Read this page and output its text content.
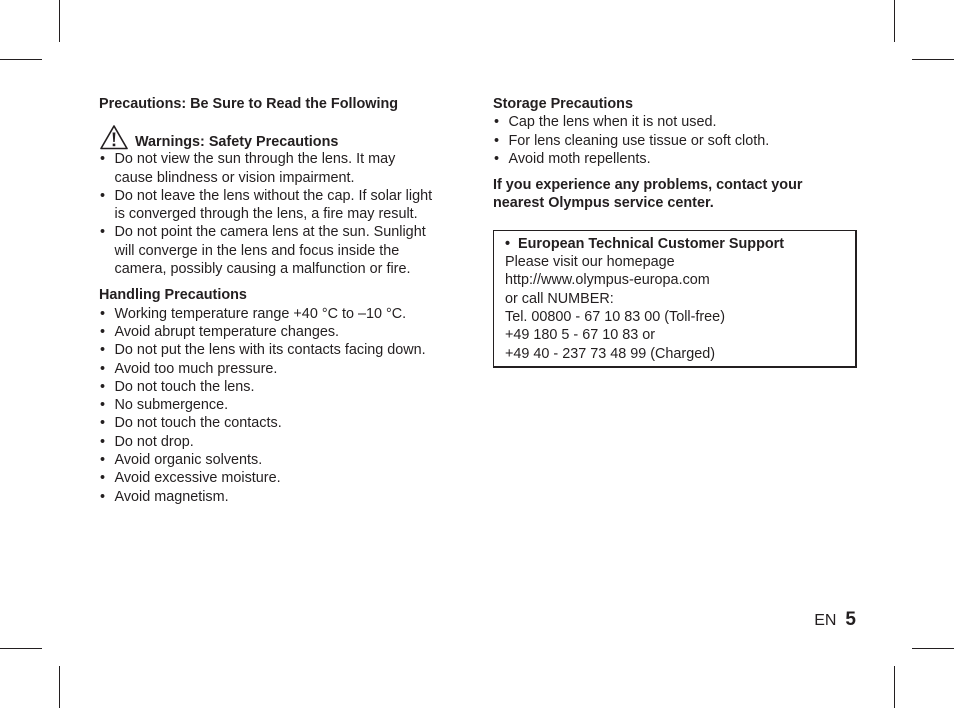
Precautions: Be Sure to Read the Following
Warnings: Safety Precautions
• Do not view the sun through the lens. It may
cause blindness or vision impairment.
• Do not leave the lens without the cap. If solar light
is converged through the lens, a fire may result.
• Do not point the camera lens at the sun. Sunlight
will converge in the lens and focus inside the
camera, possibly causing a malfunction or fire.
Handling Precautions
• Working temperature range +40 °C to –10 °C.
• Avoid abrupt temperature changes.
• Do not put the lens with its contacts facing down.
• Avoid too much pressure.
• Do not touch the lens.
• No submergence.
• Do not touch the contacts.
• Do not drop.
• Avoid organic solvents.
• Avoid excessive moisture.
• Avoid magnetism.
Storage Precautions
• Cap the lens when it is not used.
• For lens cleaning use tissue or soft cloth.
• Avoid moth repellents.
If you experience any problems, contact your
nearest Olympus service center.
• European Technical Customer Support
Please visit our homepage
http://www.olympus-europa.com
or call NUMBER:
Tel. 00800 - 67 10 83 00 (Toll-free)
+49 180 5 - 67 10 83 or
+49 40 - 237 73 48 99 (Charged)
EN 5
